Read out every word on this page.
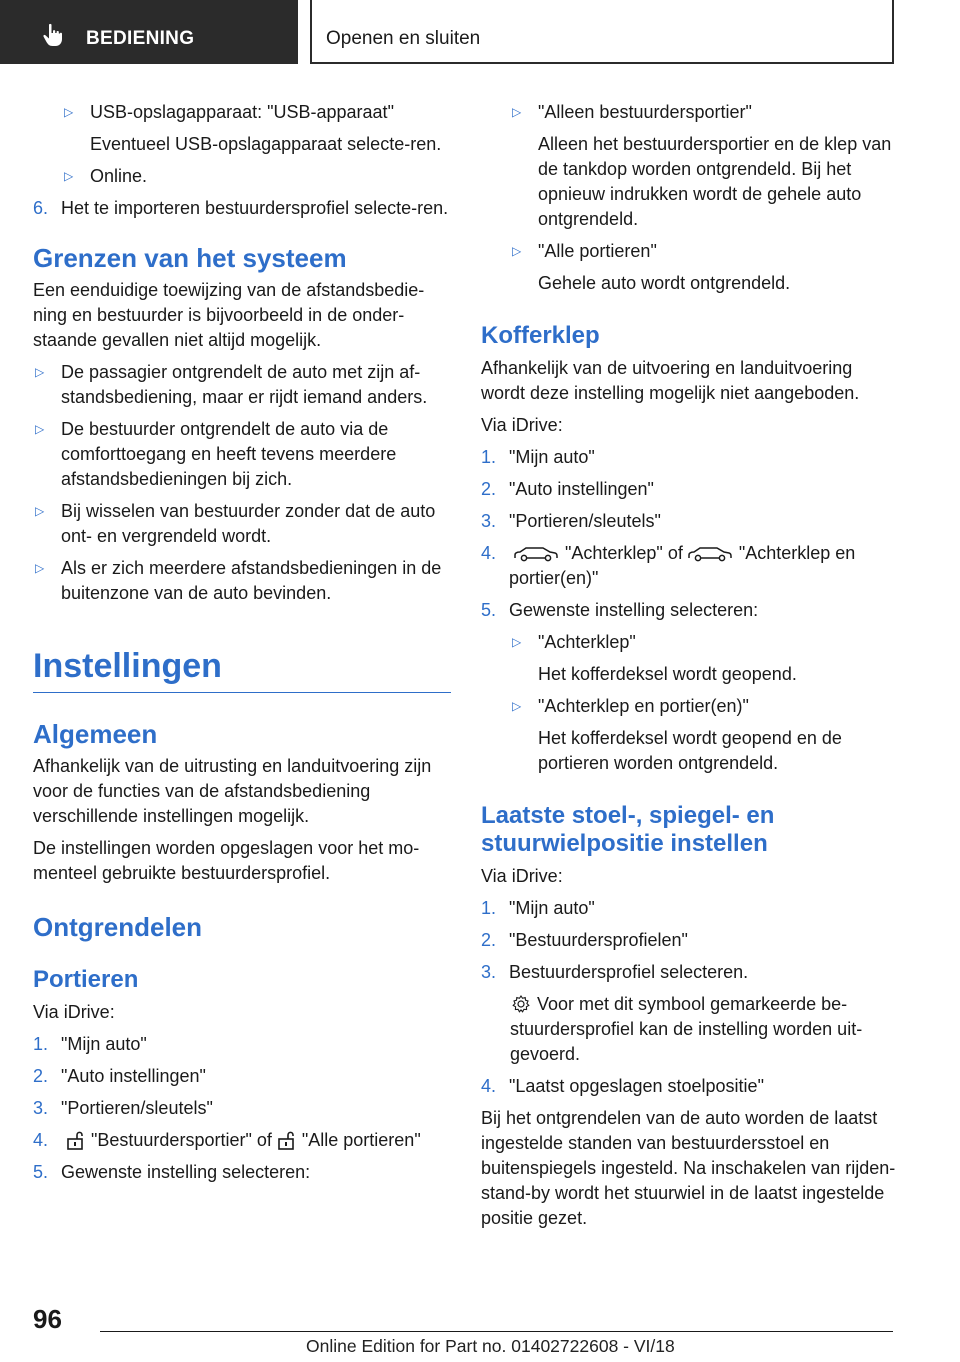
BEDIENING	Openen en sluiten
▷ USB-opslagapparaat: "USB-apparaat"

Eventueel USB-opslagapparaat selecte-ren.

▷ Online.
6. Het te importeren bestuurdersprofiel selecte-ren.
Grenzen van het systeem

Een eenduidige toewijzing van de afstandsbedie-ning en bestuurder is bijvoorbeeld in de onder-staande gevallen niet altijd mogelijk.

▷ De passagier ontgrendelt de auto met zijn af-standsbediening, maar er rijdt iemand anders.
▷ De bestuurder ontgrendelt de auto via de comforttoegang en heeft tevens meerdere afstandsbedieningen bij zich.
▷ Bij wisselen van bestuurder zonder dat de auto ont- en vergrendeld wordt.
▷ Als er zich meerdere afstandsbedieningen in de buitenzone van de auto bevinden.
Instellingen
Algemeen

Afhankelijk van de uitrusting en landuitvoering zijn voor de functies van de afstandsbediening verschillende instellingen mogelijk.

De instellingen worden opgeslagen voor het mo-menteel gebruikte bestuurdersprofiel.

Ontgrendelen
Portieren

Via iDrive:

1. "Mijn auto"
2. "Auto instellingen"
3. "Portieren/sleutels"
4.	"Bestuurdersportier" of "Alle portieren"
5. Gewenste instelling selecteren:
▷ "Alleen bestuurdersportier"

Alleen het bestuurdersportier en de klep van de tankdop worden ontgrendeld. Bij het opnieuw indrukken wordt de gehele auto ontgrendeld.

▷ "Alle portieren"

Gehele auto wordt ontgrendeld.

Kofferklep

Afhankelijk van de uitvoering en landuitvoering wordt deze instelling mogelijk niet aangeboden.

Via iDrive:

1. "Mijn auto"
2. "Auto instellingen"
3. "Portieren/sleutels"
4.	"Achterklep" of	"Achterklep en portier(en)"
5. Gewenste instelling selecteren:
▷ "Achterklep"

Het kofferdeksel wordt geopend.

▷ "Achterklep en portier(en)"

Het kofferdeksel wordt geopend en de portieren worden ontgrendeld.

Laatste stoel-, spiegel- en stuurwielpositie instellen

Via iDrive:

1. "Mijn auto"
2. "Bestuurdersprofielen"
3. Bestuurdersprofiel selecteren.

Voor met dit symbool gemarkeerde be-stuurdersprofiel kan de instelling worden uit-gevoerd.

4. "Laatst opgeslagen stoelpositie"

Bij het ontgrendelen van de auto worden de laatst ingestelde standen van bestuurdersstoel en buitenspiegels ingesteld. Na inschakelen van rijden-stand-by wordt het stuurwiel in de laatst ingestelde positie gezet.

96
Online Edition for Part no. 01402722608 - VI/18
